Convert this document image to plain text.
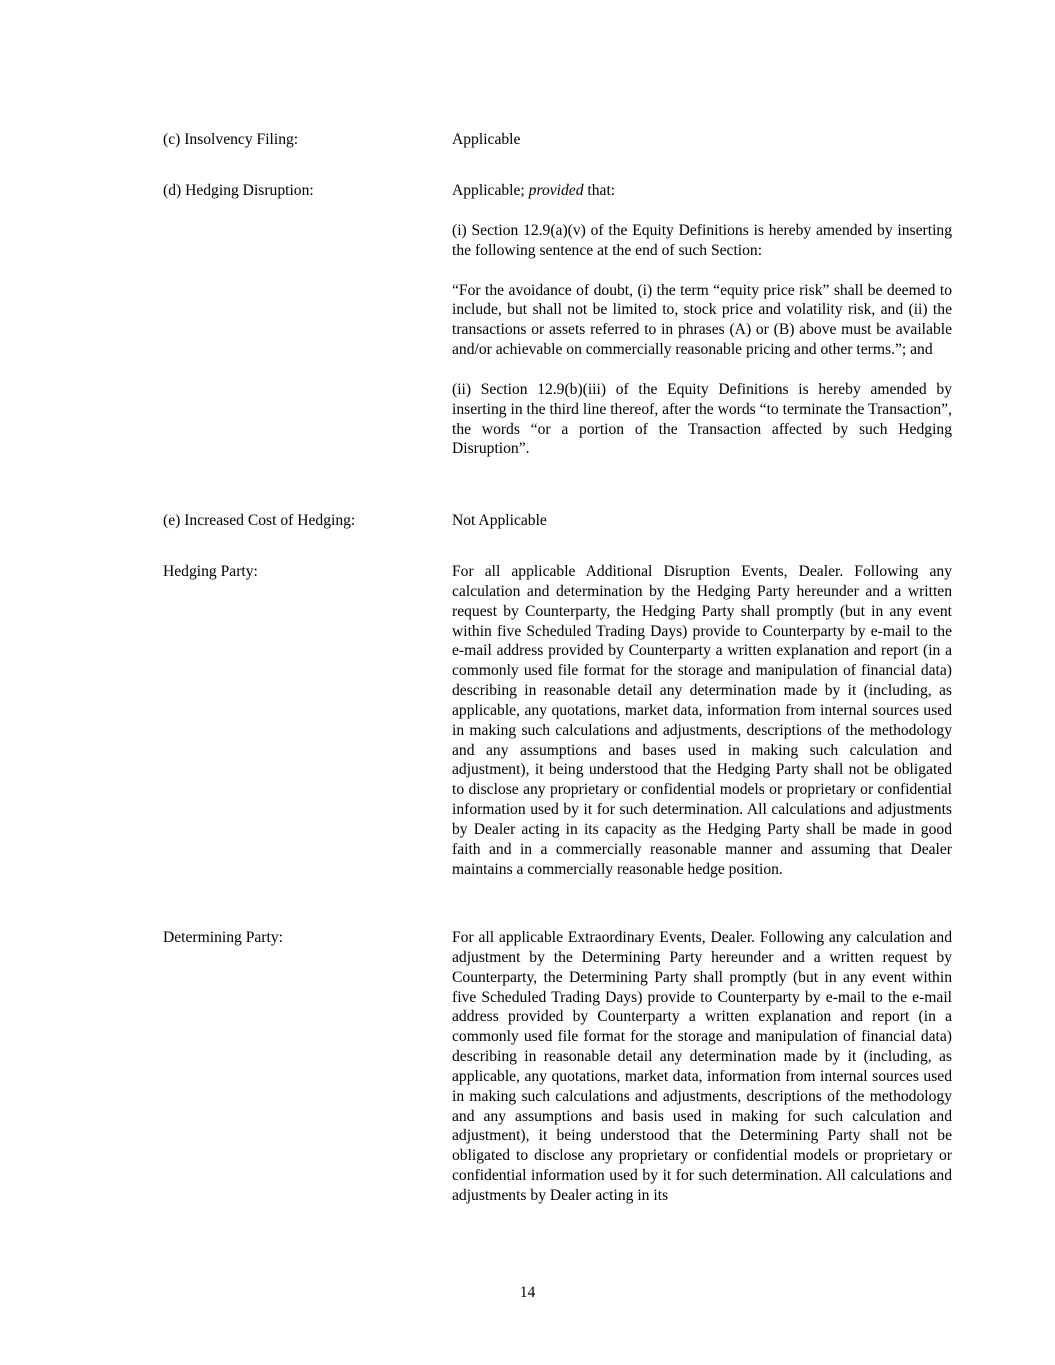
(c) Insolvency Filing:	Applicable

(d) Hedging Disruption:	Applicable; provided that:

(i) Section 12.9(a)(v) of the Equity Definitions is hereby amended by inserting the following sentence at the end of such Section:

“For the avoidance of doubt, (i) the term “equity price risk” shall be deemed to include, but shall not be limited to, stock price and volatility risk, and (ii) the transactions or assets referred to in phrases (A) or (B) above must be available and/or achievable on commercially reasonable pricing and other terms.”; and

(ii) Section 12.9(b)(iii) of the Equity Definitions is hereby amended by inserting in the third line thereof, after the words “to terminate the Transaction”, the words “or a portion of the Transaction affected by such Hedging Disruption”.

(e) Increased Cost of Hedging:	Not Applicable

Hedging Party:	For all applicable Additional Disruption Events, Dealer. Following any calculation and determination by the Hedging Party hereunder and a written request by Counterparty, the Hedging Party shall promptly (but in any event within five Scheduled Trading Days) provide to Counterparty by e-mail to the e-mail address provided by Counterparty a written explanation and report (in a commonly used file format for the storage and manipulation of financial data) describing in reasonable detail any determination made by it (including, as applicable, any quotations, market data, information from internal sources used in making such calculations and adjustments, descriptions of the methodology and any assumptions and bases used in making such calculation and adjustment), it being understood that the Hedging Party shall not be obligated to disclose any proprietary or confidential models or proprietary or confidential information used by it for such determination. All calculations and adjustments by Dealer acting in its capacity as the Hedging Party shall be made in good faith and in a commercially reasonable manner and assuming that Dealer maintains a commercially reasonable hedge position.

Determining Party:	For all applicable Extraordinary Events, Dealer. Following any calculation and adjustment by the Determining Party hereunder and a written request by Counterparty, the Determining Party shall promptly (but in any event within five Scheduled Trading Days) provide to Counterparty by e-mail to the e-mail address provided by Counterparty a written explanation and report (in a commonly used file format for the storage and manipulation of financial data) describing in reasonable detail any determination made by it (including, as applicable, any quotations, market data, information from internal sources used in making such calculations and adjustments, descriptions of the methodology and any assumptions and basis used in making for such calculation and adjustment), it being understood that the Determining Party shall not be obligated to disclose any proprietary or confidential models or proprietary or confidential information used by it for such determination. All calculations and adjustments by Dealer acting in its

14
